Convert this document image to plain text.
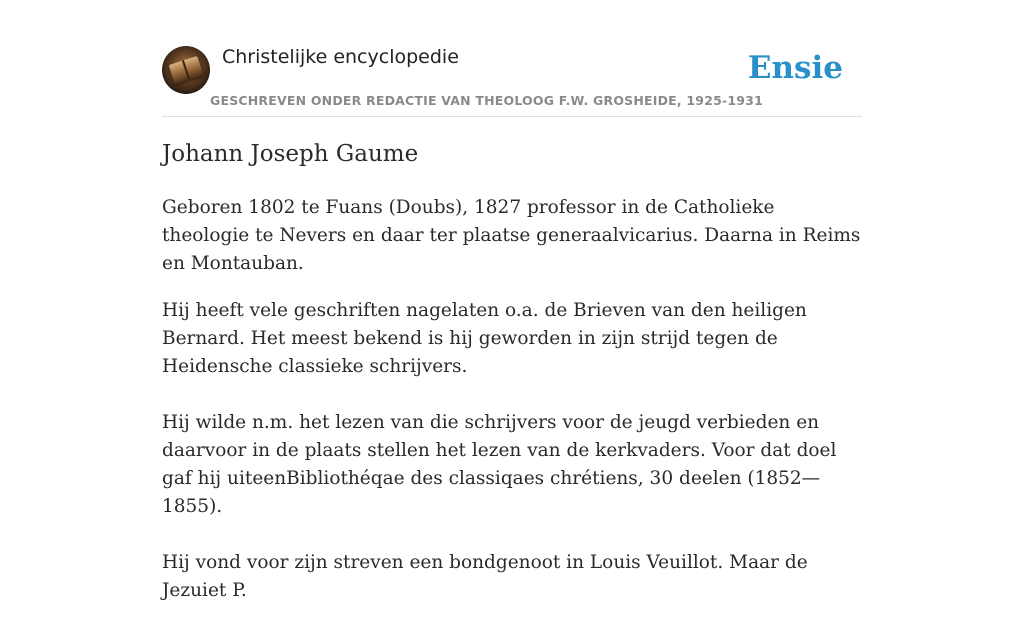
Christelijke encyclopedie
GESCHREVEN ONDER REDACTIE VAN THEOLOOG F.W. GROSHEIDE, 1925-1931
Ensie
Johann Joseph Gaume

Geboren 1802 te Fuans (Doubs), 1827 professor in de Catholieke theologie te Nevers en daar ter plaatse generaalvicarius. Daarna in Reims en Montauban.

Hij heeft vele geschriften nagelaten o.a. de Brieven van den heiligen Bernard. Het meest bekend is hij geworden in zijn strijd tegen de Heidensche classieke schrijvers.

Hij wilde n.m. het lezen van die schrijvers voor de jeugd verbieden en daarvoor in de plaats stellen het lezen van de kerkvaders. Voor dat doel gaf hij uiteenBibliothéqae des classiqaes chrétiens, 30 deelen (1852— 1855).

Hij vond voor zijn streven een bondgenoot in Louis Veuillot. Maar de Jezuiet P.
